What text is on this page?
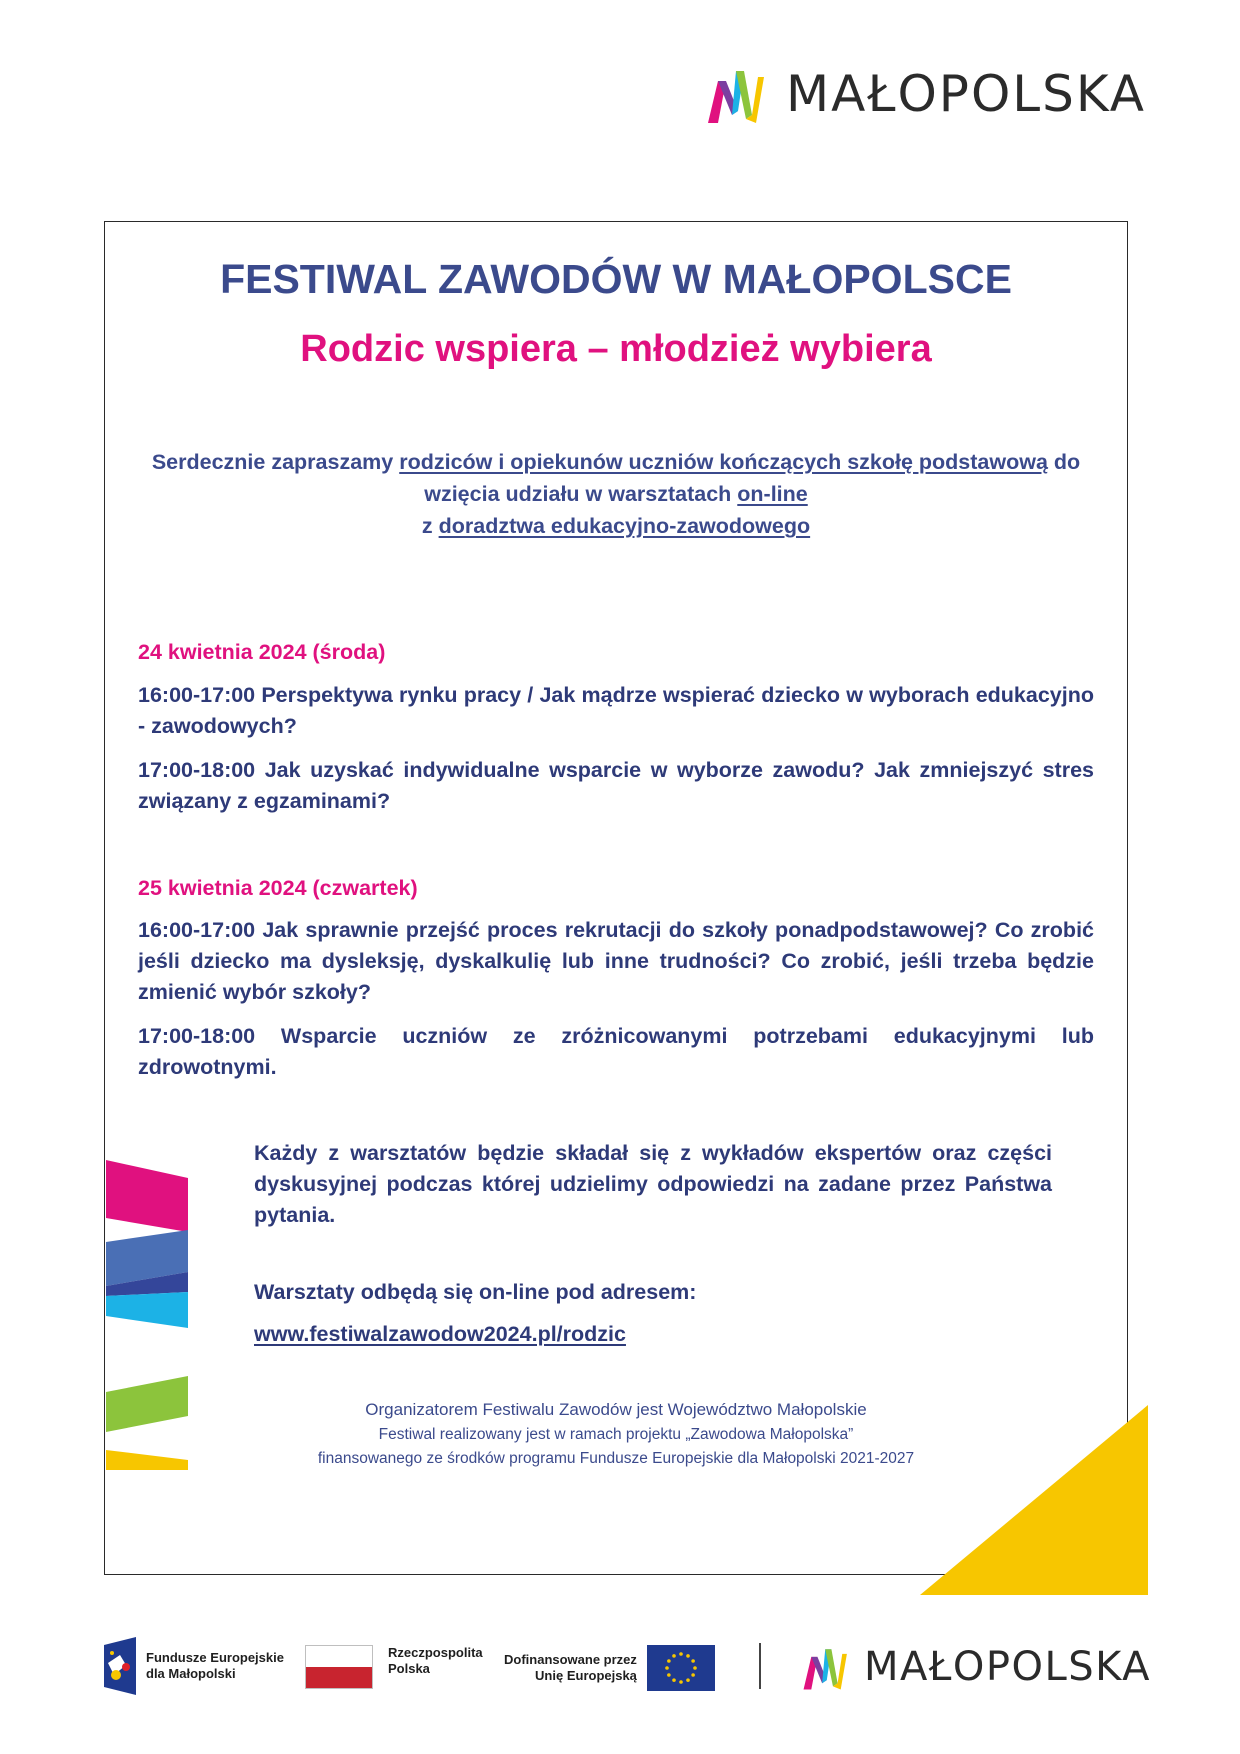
MAŁOPOLSKA
FESTIWAL ZAWODÓW W MAŁOPOLSCE
Rodzic wspiera – młodzież wybiera

Serdecznie zapraszamy rodziców i opiekunów uczniów kończących szkołę podstawową do wzięcia udziału w warsztatach on-line
z doradztwa edukacyjno-zawodowego

24 kwietnia 2024 (środa)

16:00-17:00 Perspektywa rynku pracy / Jak mądrze wspierać dziecko w wyborach edukacyjno - zawodowych?

17:00-18:00 Jak uzyskać indywidualne wsparcie w wyborze zawodu? Jak zmniejszyć stres związany z egzaminami?

25 kwietnia 2024 (czwartek)

16:00-17:00 Jak sprawnie przejść proces rekrutacji do szkoły ponadpodstawowej? Co zrobić jeśli dziecko ma dysleksję, dyskalkulię lub inne trudności? Co zrobić, jeśli trzeba będzie zmienić wybór szkoły?

17:00-18:00 Wsparcie uczniów ze zróżnicowanymi potrzebami edukacyjnymi lub zdrowotnymi.

Każdy z warsztatów będzie składał się z wykładów ekspertów oraz części dyskusyjnej podczas której udzielimy odpowiedzi na zadane przez Państwa pytania.

Warsztaty odbędą się on-line pod adresem:
www.festiwalzawodow2024.pl/rodzic

Organizatorem Festiwalu Zawodów jest Województwo Małopolskie

Festiwal realizowany jest w ramach projektu „Zawodowa Małopolska”

finansowanego ze środków programu Fundusze Europejskie dla Małopolski 2021-2027

Fundusze Europejskie
dla Małopolski
Rzeczpospolita
Polska
Dofinansowane przez
Unię Europejską	MAŁOPOLSKA
